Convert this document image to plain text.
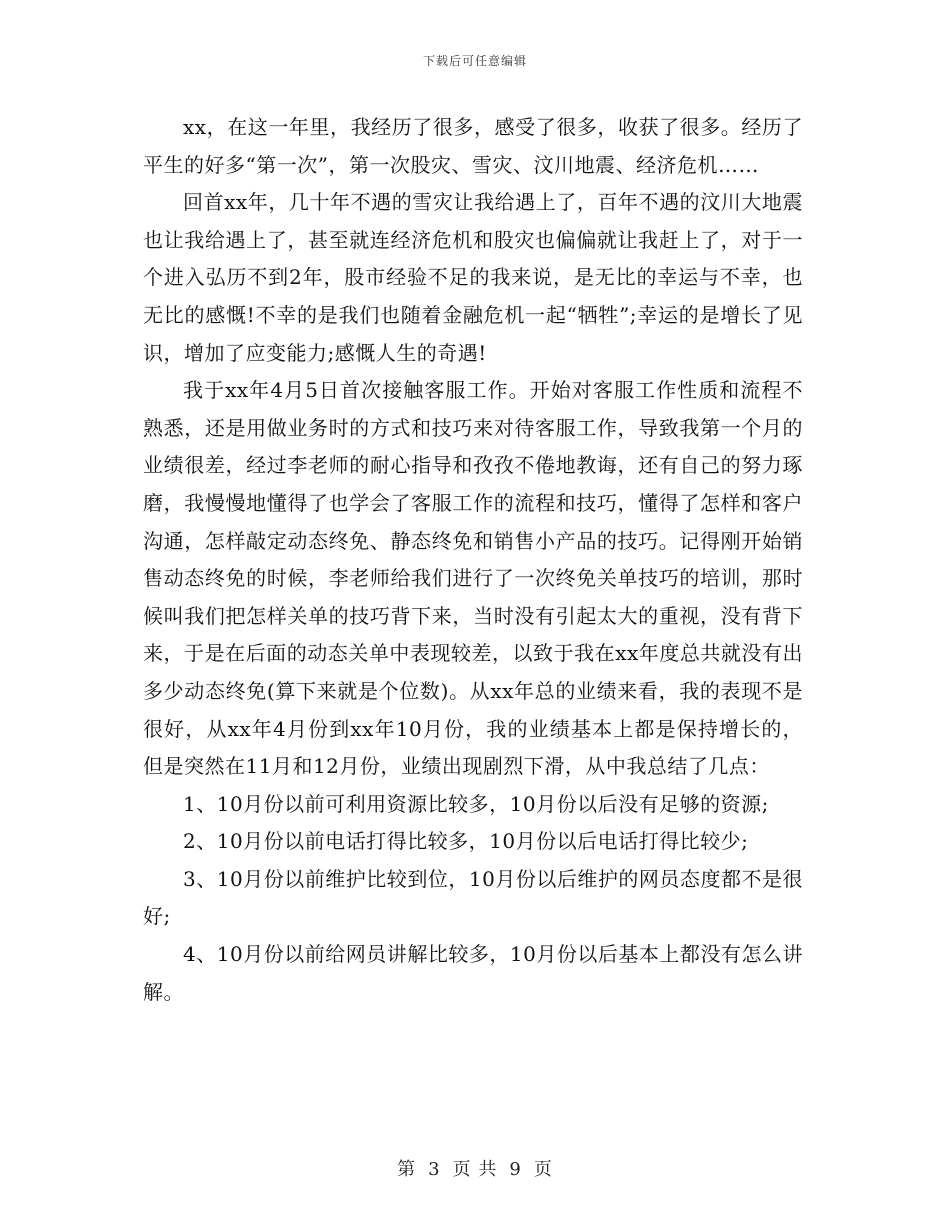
下载后可任意编辑

xx，在这一年里，我经历了很多，感受了很多，收获了很多。经历了平生的好多“第一次”，第一次股灾、雪灾、汶川地震、经济危机……

回首xx年，几十年不遇的雪灾让我给遇上了，百年不遇的汶川大地震也让我给遇上了，甚至就连经济危机和股灾也偏偏就让我赶上了，对于一个进入弘历不到2年，股市经验不足的我来说，是无比的幸运与不幸，也无比的感慨!不幸的是我们也随着金融危机一起“牺牲”;幸运的是增长了见识，增加了应变能力;感慨人生的奇遇!

我于xx年4月5日首次接触客服工作。开始对客服工作性质和流程不熟悉，还是用做业务时的方式和技巧来对待客服工作，导致我第一个月的业绩很差，经过李老师的耐心指导和孜孜不倦地教诲，还有自己的努力琢磨，我慢慢地懂得了也学会了客服工作的流程和技巧，懂得了怎样和客户沟通，怎样敲定动态终免、静态终免和销售小产品的技巧。记得刚开始销售动态终免的时候，李老师给我们进行了一次终免关单技巧的培训，那时候叫我们把怎样关单的技巧背下来，当时没有引起太大的重视，没有背下来，于是在后面的动态关单中表现较差，以致于我在xx年度总共就没有出多少动态终免(算下来就是个位数)。从xx年总的业绩来看，我的表现不是很好，从xx年4月份到xx年10月份，我的业绩基本上都是保持增长的，但是突然在11月和12月份，业绩出现剧烈下滑，从中我总结了几点：

1、10月份以前可利用资源比较多，10月份以后没有足够的资源;

2、10月份以前电话打得比较多，10月份以后电话打得比较少;

3、10月份以前维护比较到位，10月份以后维护的网员态度都不是很好;

4、10月份以前给网员讲解比较多，10月份以后基本上都没有怎么讲解。

第 3 页 共 9 页
